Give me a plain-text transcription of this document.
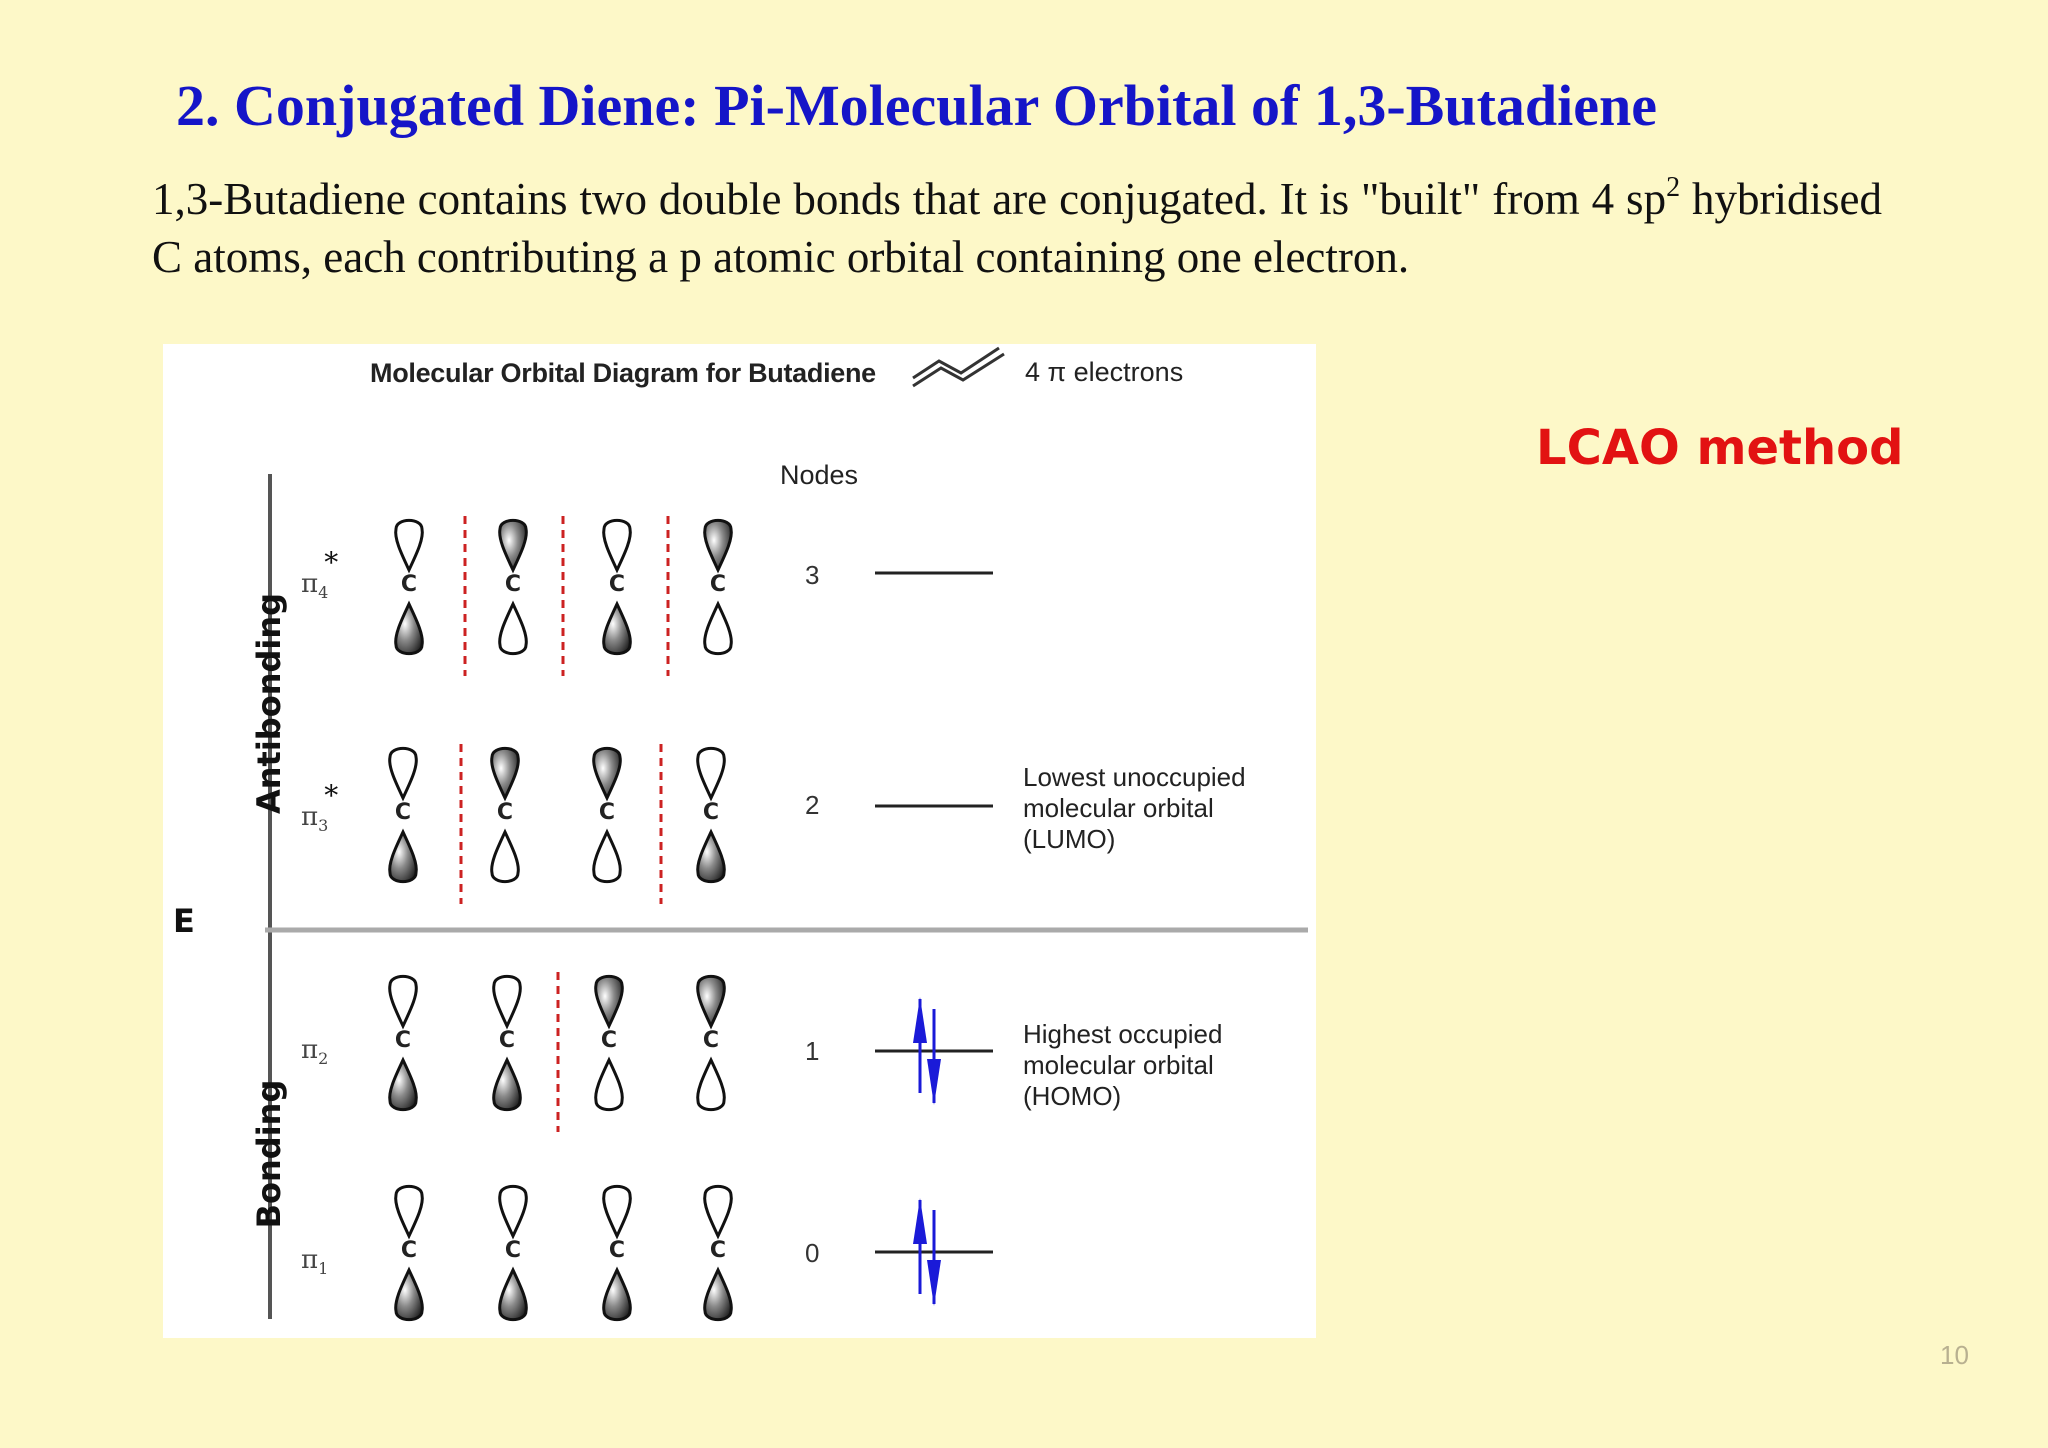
2. Conjugated Diene: Pi-Molecular Orbital of 1,3-Butadiene
1,3-Butadiene contains two double bonds that are conjugated. It is "built" from 4 $sp^2$ hybridised C atoms, each contributing a p atomic orbital containing one electron.
LCAO method
Molecular Orbital Diagram for Butadiene	4 π electrons
Nodes
Antibonding
Bonding
E
$\pi_4*$
$\pi_3*$
$\pi_2$
$\pi_1$
3
2
1
0
Lowest unoccupied
molecular orbital
(LUMO)
Highest occupied
molecular orbital
(HOMO)
C	C	C	C
C	C	C	C
C	C	C	C
C	C	C	C
10
